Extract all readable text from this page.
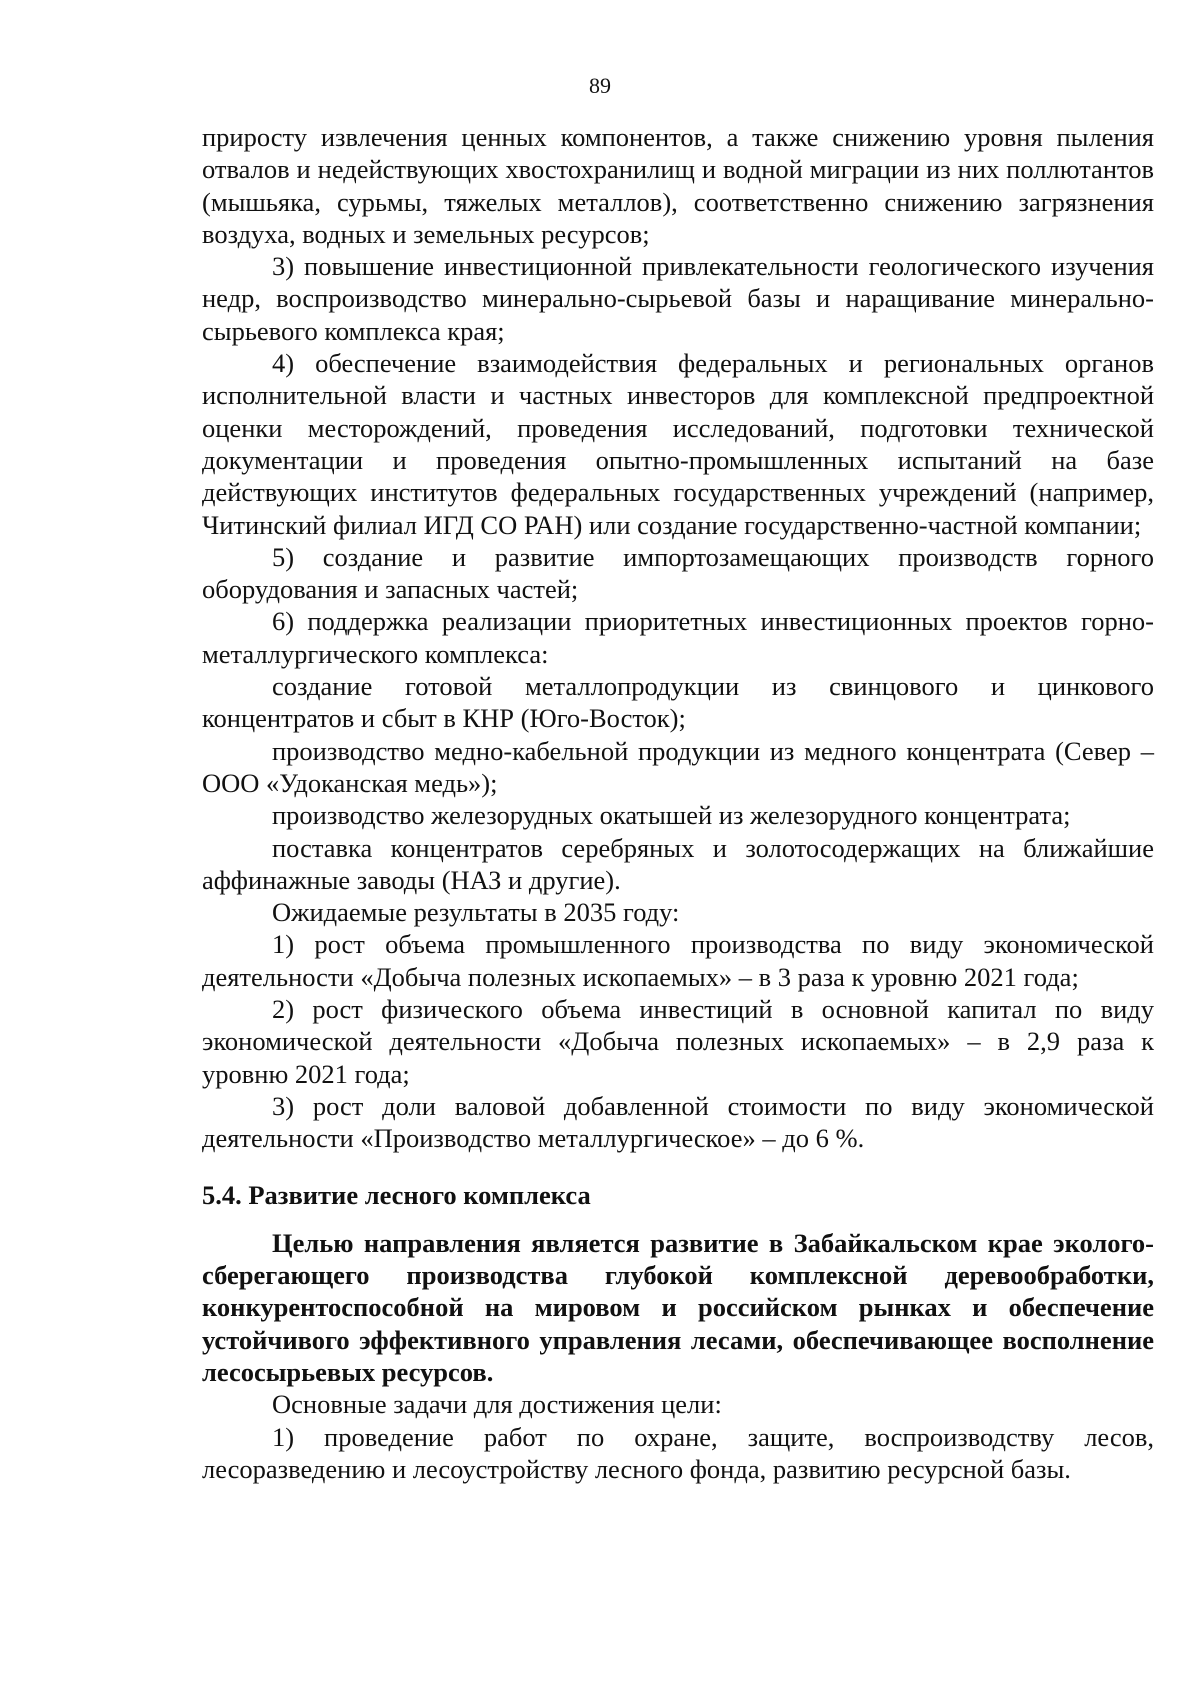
89

приросту извлечения ценных компонентов, а также снижению уровня пыления отвалов и недействующих хвостохранилищ и водной миграции из них поллютантов (мышьяка, сурьмы, тяжелых металлов), соответственно снижению загрязнения воздуха, водных и земельных ресурсов;

3) повышение инвестиционной привлекательности геологического изучения недр, воспроизводство минерально-сырьевой базы и наращивание минерально-сырьевого комплекса края;

4) обеспечение взаимодействия федеральных и региональных органов исполнительной власти и частных инвесторов для комплексной предпроектной оценки месторождений, проведения исследований, подготовки технической документации и проведения опытно-промышленных испытаний на базе действующих институтов федеральных государственных учреждений (например, Читинский филиал ИГД СО РАН) или создание государственно-частной компании;

5) создание и развитие импортозамещающих производств горного оборудования и запасных частей;

6) поддержка реализации приоритетных инвестиционных проектов горно-металлургического комплекса:

создание готовой металлопродукции из свинцового и цинкового концентратов и сбыт в КНР (Юго-Восток);

производство медно-кабельной продукции из медного концентрата (Север – ООО «Удоканская медь»);

производство железорудных окатышей из железорудного концентрата;

поставка концентратов серебряных и золотосодержащих на ближайшие аффинажные заводы (НАЗ и другие).

Ожидаемые результаты в 2035 году:

1) рост объема промышленного производства по виду экономической деятельности «Добыча полезных ископаемых» – в 3 раза к уровню 2021 года;

2) рост физического объема инвестиций в основной капитал по виду экономической деятельности «Добыча полезных ископаемых» – в 2,9 раза к уровню 2021 года;

3) рост доли валовой добавленной стоимости по виду экономической деятельности «Производство металлургическое» – до 6 %.

5.4. Развитие лесного комплекса

Целью направления является развитие в Забайкальском крае эколого-сберегающего производства глубокой комплексной деревообработки, конкурентоспособной на мировом и российском рынках и обеспечение устойчивого эффективного управления лесами, обеспечивающее восполнение лесосырьевых ресурсов.

Основные задачи для достижения цели:

1) проведение работ по охране, защите, воспроизводству лесов, лесоразведению и лесоустройству лесного фонда, развитию ресурсной базы.
